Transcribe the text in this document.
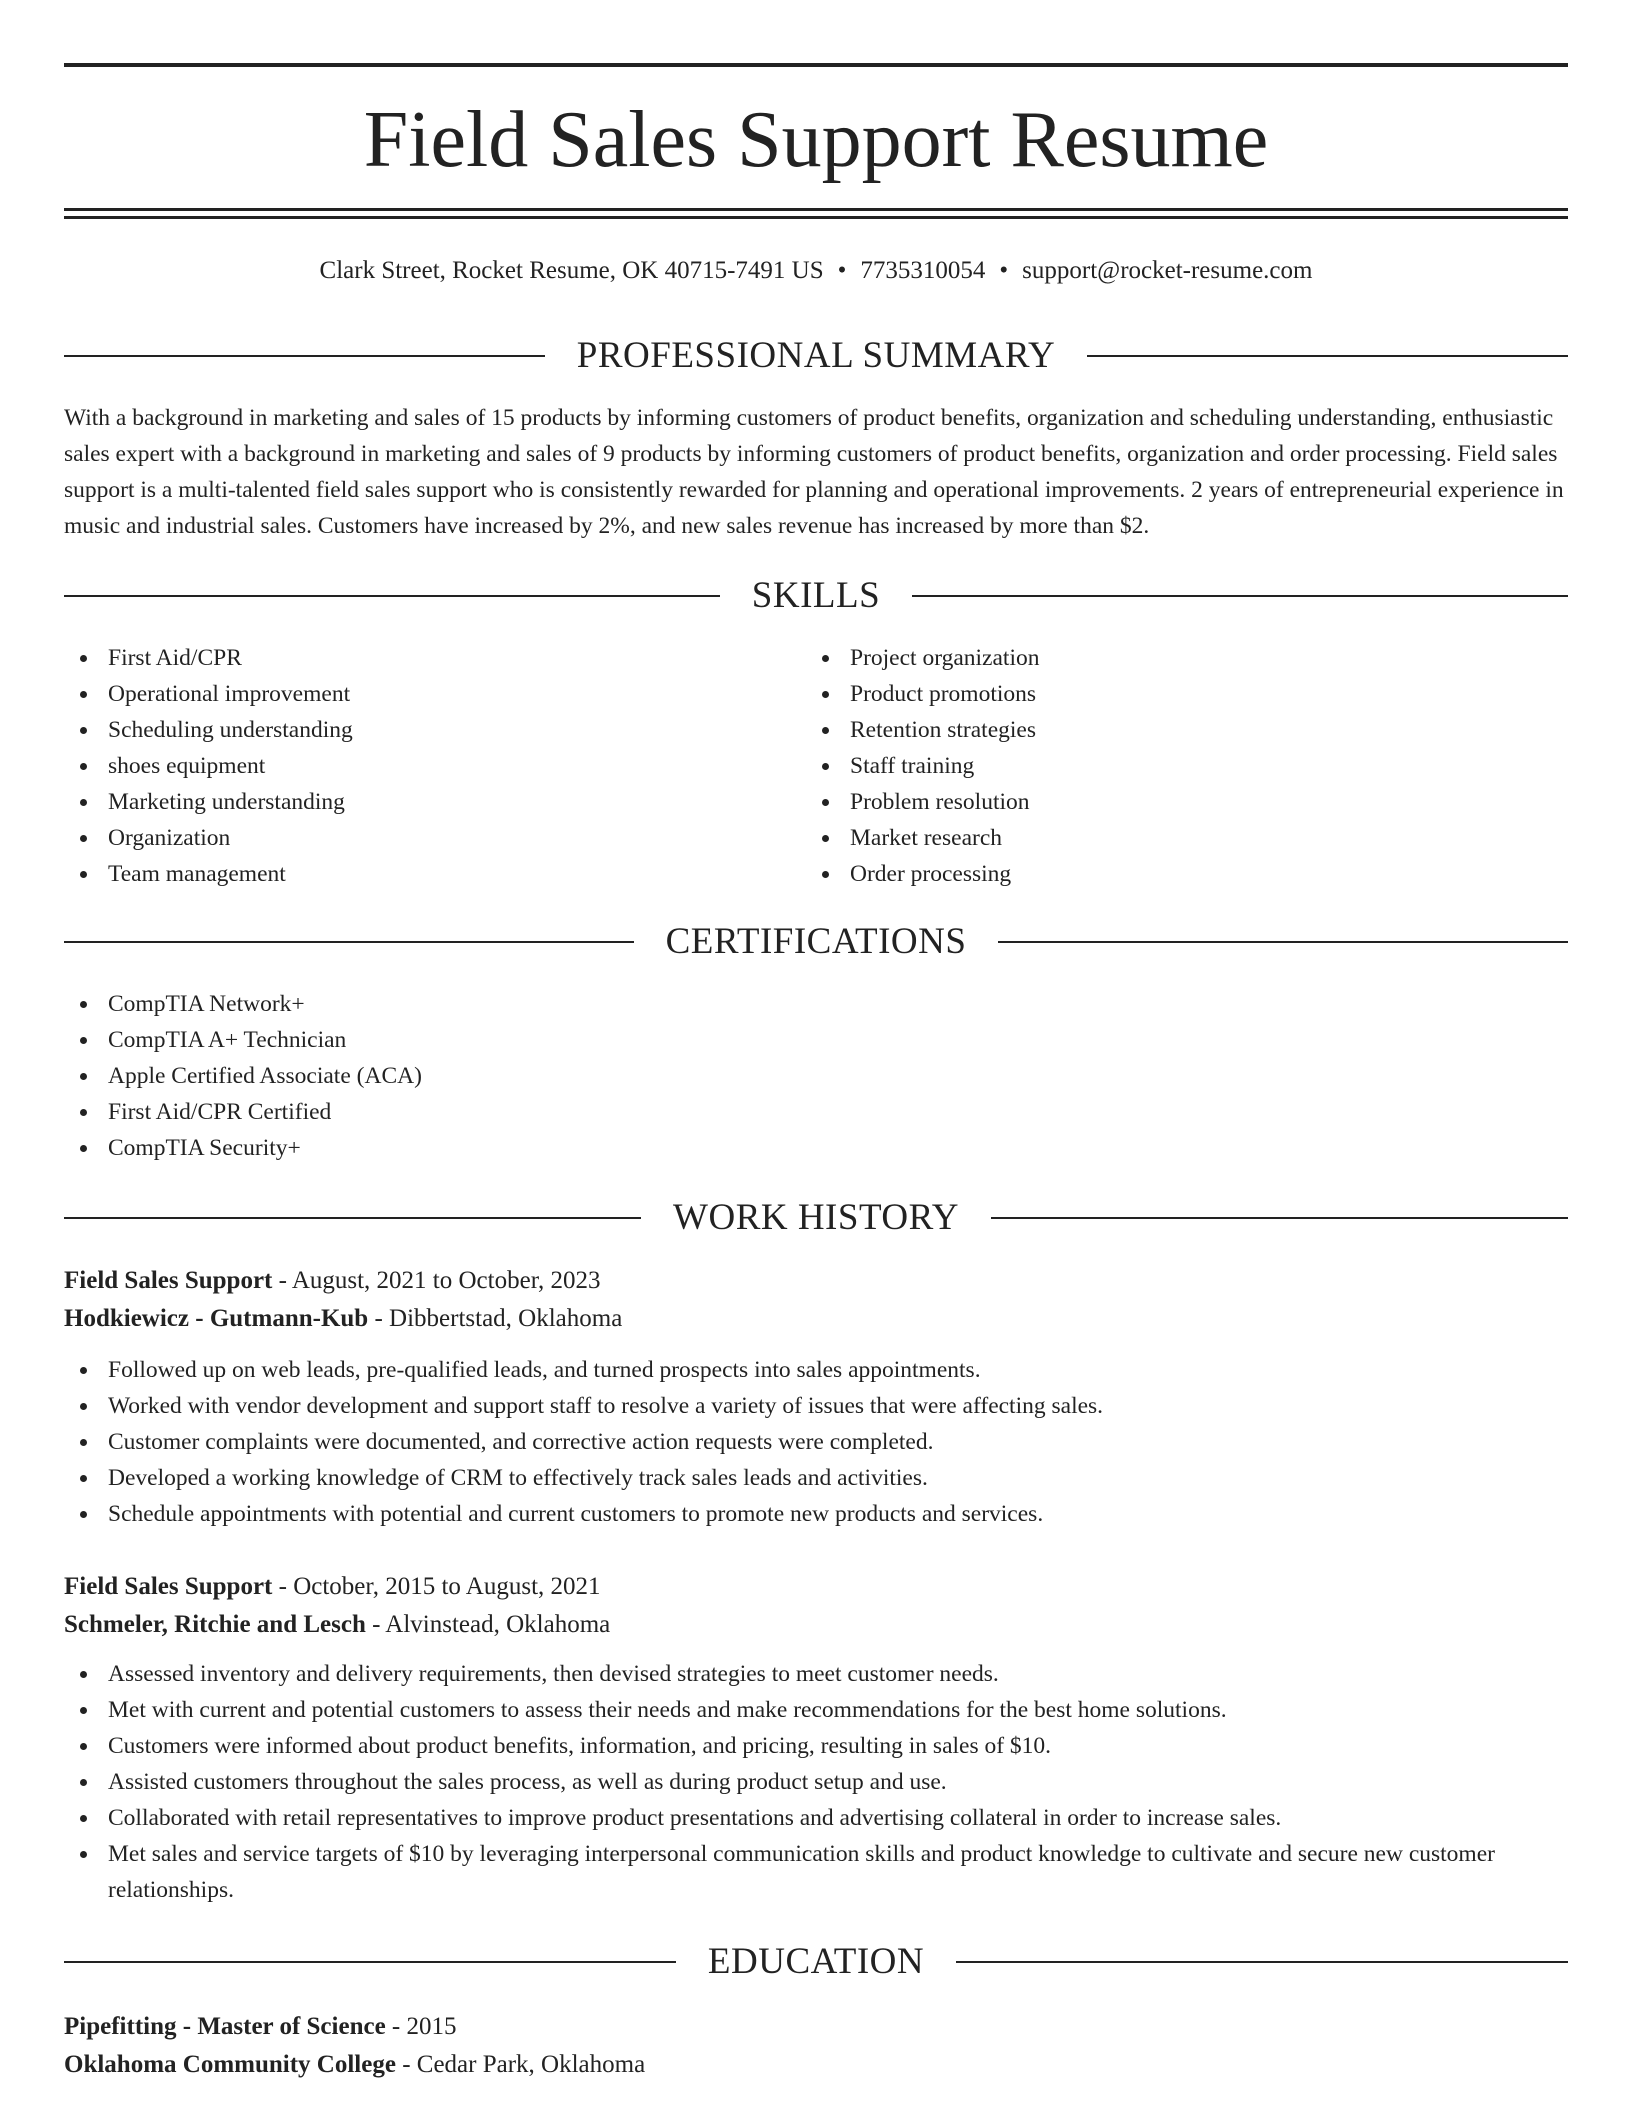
Field Sales Support Resume
Clark Street, Rocket Resume, OK 40715-7491 US • 7735310054 • support@rocket-resume.com
PROFESSIONAL SUMMARY

With a background in marketing and sales of 15 products by informing customers of product benefits, organization and scheduling understanding, enthusiastic sales expert with a background in marketing and sales of 9 products by informing customers of product benefits, organization and order processing. Field sales support is a multi-talented field sales support who is consistently rewarded for planning and operational improvements. 2 years of entrepreneurial experience in music and industrial sales. Customers have increased by 2%, and new sales revenue has increased by more than $2.

SKILLS
First Aid/CPR
Operational improvement
Scheduling understanding
shoes equipment
Marketing understanding
Organization
Team management
Project organization
Product promotions
Retention strategies
Staff training
Problem resolution
Market research
Order processing
CERTIFICATIONS
CompTIA Network+
CompTIA A+ Technician
Apple Certified Associate (ACA)
First Aid/CPR Certified
CompTIA Security+
WORK HISTORY
Field Sales Support - August, 2021 to October, 2023
Hodkiewicz - Gutmann-Kub - Dibbertstad, Oklahoma
Followed up on web leads, pre-qualified leads, and turned prospects into sales appointments.
Worked with vendor development and support staff to resolve a variety of issues that were affecting sales.
Customer complaints were documented, and corrective action requests were completed.
Developed a working knowledge of CRM to effectively track sales leads and activities.
Schedule appointments with potential and current customers to promote new products and services.
Field Sales Support - October, 2015 to August, 2021
Schmeler, Ritchie and Lesch - Alvinstead, Oklahoma
Assessed inventory and delivery requirements, then devised strategies to meet customer needs.
Met with current and potential customers to assess their needs and make recommendations for the best home solutions.
Customers were informed about product benefits, information, and pricing, resulting in sales of $10.
Assisted customers throughout the sales process, as well as during product setup and use.
Collaborated with retail representatives to improve product presentations and advertising collateral in order to increase sales.
Met sales and service targets of $10 by leveraging interpersonal communication skills and product knowledge to cultivate and secure new customer relationships.
EDUCATION
Pipefitting - Master of Science - 2015
Oklahoma Community College - Cedar Park, Oklahoma
